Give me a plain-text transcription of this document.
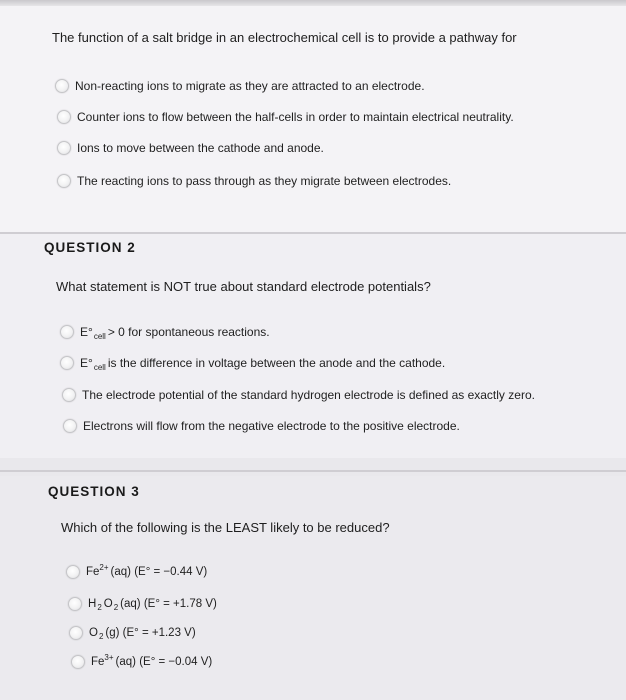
The function of a salt bridge in an electrochemical cell is to provide a pathway for
Non-reacting ions to migrate as they are attracted to an electrode.
Counter ions to flow between the half-cells in order to maintain electrical neutrality.
Ions to move between the cathode and anode.
The reacting ions to pass through as they migrate between electrodes.
QUESTION 2
What statement is NOT true about standard electrode potentials?
E° cell > 0 for spontaneous reactions.
E° cell is the difference in voltage between the anode and the cathode.
The electrode potential of the standard hydrogen electrode is defined as exactly zero.
Electrons will flow from the negative electrode to the positive electrode.
QUESTION 3
Which of the following is the LEAST likely to be reduced?
Fe 2+ (aq) (E° = −0.44 V)
H 2 O 2 (aq) (E° = +1.78 V)
O 2 (g) (E° = +1.23 V)
Fe 3+ (aq) (E° = −0.04 V)
